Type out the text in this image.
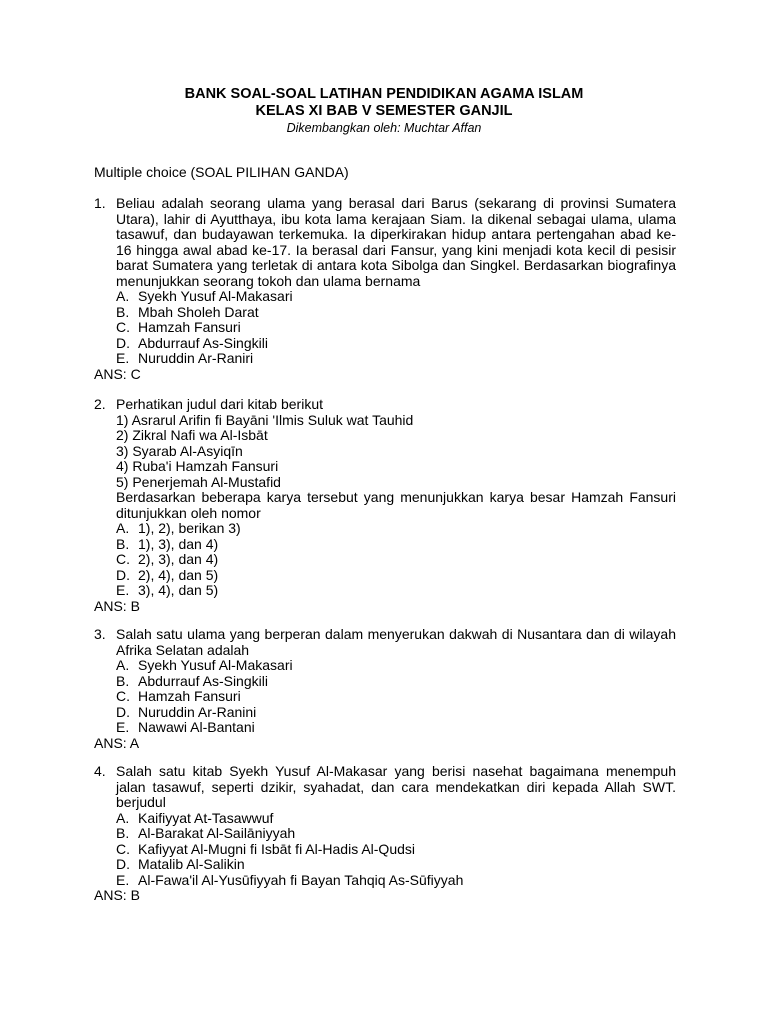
BANK SOAL-SOAL LATIHAN PENDIDIKAN AGAMA ISLAM
KELAS XI BAB V SEMESTER GANJIL
Dikembangkan oleh: Muchtar Affan
Multiple choice (SOAL PILIHAN GANDA)
1. Beliau adalah seorang ulama yang berasal dari Barus (sekarang di provinsi Sumatera Utara), lahir di Ayutthaya, ibu kota lama kerajaan Siam. Ia dikenal sebagai ulama, ulama tasawuf, dan budayawan terkemuka. Ia diperkirakan hidup antara pertengahan abad ke-16 hingga awal abad ke-17. Ia berasal dari Fansur, yang kini menjadi kota kecil di pesisir barat Sumatera yang terletak di antara kota Sibolga dan Singkel. Berdasarkan biografinya menunjukkan seorang tokoh dan ulama bernama
A. Syekh Yusuf Al-Makasari
B. Mbah Sholeh Darat
C. Hamzah Fansuri
D. Abdurrauf As-Singkili
E. Nuruddin Ar-Raniri
ANS: C
2. Perhatikan judul dari kitab berikut
1) Asrarul Arifin fi Bayāni 'Ilmis Suluk wat Tauhid
2) Zikral Nafi wa Al-Isbāt
3) Syarab Al-Asyiqīn
4) Ruba'i Hamzah Fansuri
5) Penerjemah Al-Mustafid
Berdasarkan beberapa karya tersebut yang menunjukkan karya besar Hamzah Fansuri ditunjukkan oleh nomor
A. 1), 2), berikan 3)
B. 1), 3), dan 4)
C. 2), 3), dan 4)
D. 2), 4), dan 5)
E. 3), 4), dan 5)
ANS: B
3. Salah satu ulama yang berperan dalam menyerukan dakwah di Nusantara dan di wilayah Afrika Selatan adalah
A. Syekh Yusuf Al-Makasari
B. Abdurrauf As-Singkili
C. Hamzah Fansuri
D. Nuruddin Ar-Ranini
E. Nawawi Al-Bantani
ANS: A
4. Salah satu kitab Syekh Yusuf Al-Makasar yang berisi nasehat bagaimana menempuh jalan tasawuf, seperti dzikir, syahadat, dan cara mendekatkan diri kepada Allah SWT. berjudul
A. Kaifiyyat At-Tasawwuf
B. Al-Barakat Al-Sailāniyyah
C. Kafiyyat Al-Mugni fi Isbāt fi Al-Hadis Al-Qudsi
D. Matalib Al-Salikin
E. Al-Fawa'il Al-Yusūfiyyah fi Bayan Tahqiq As-Sūfiyyah
ANS: B
